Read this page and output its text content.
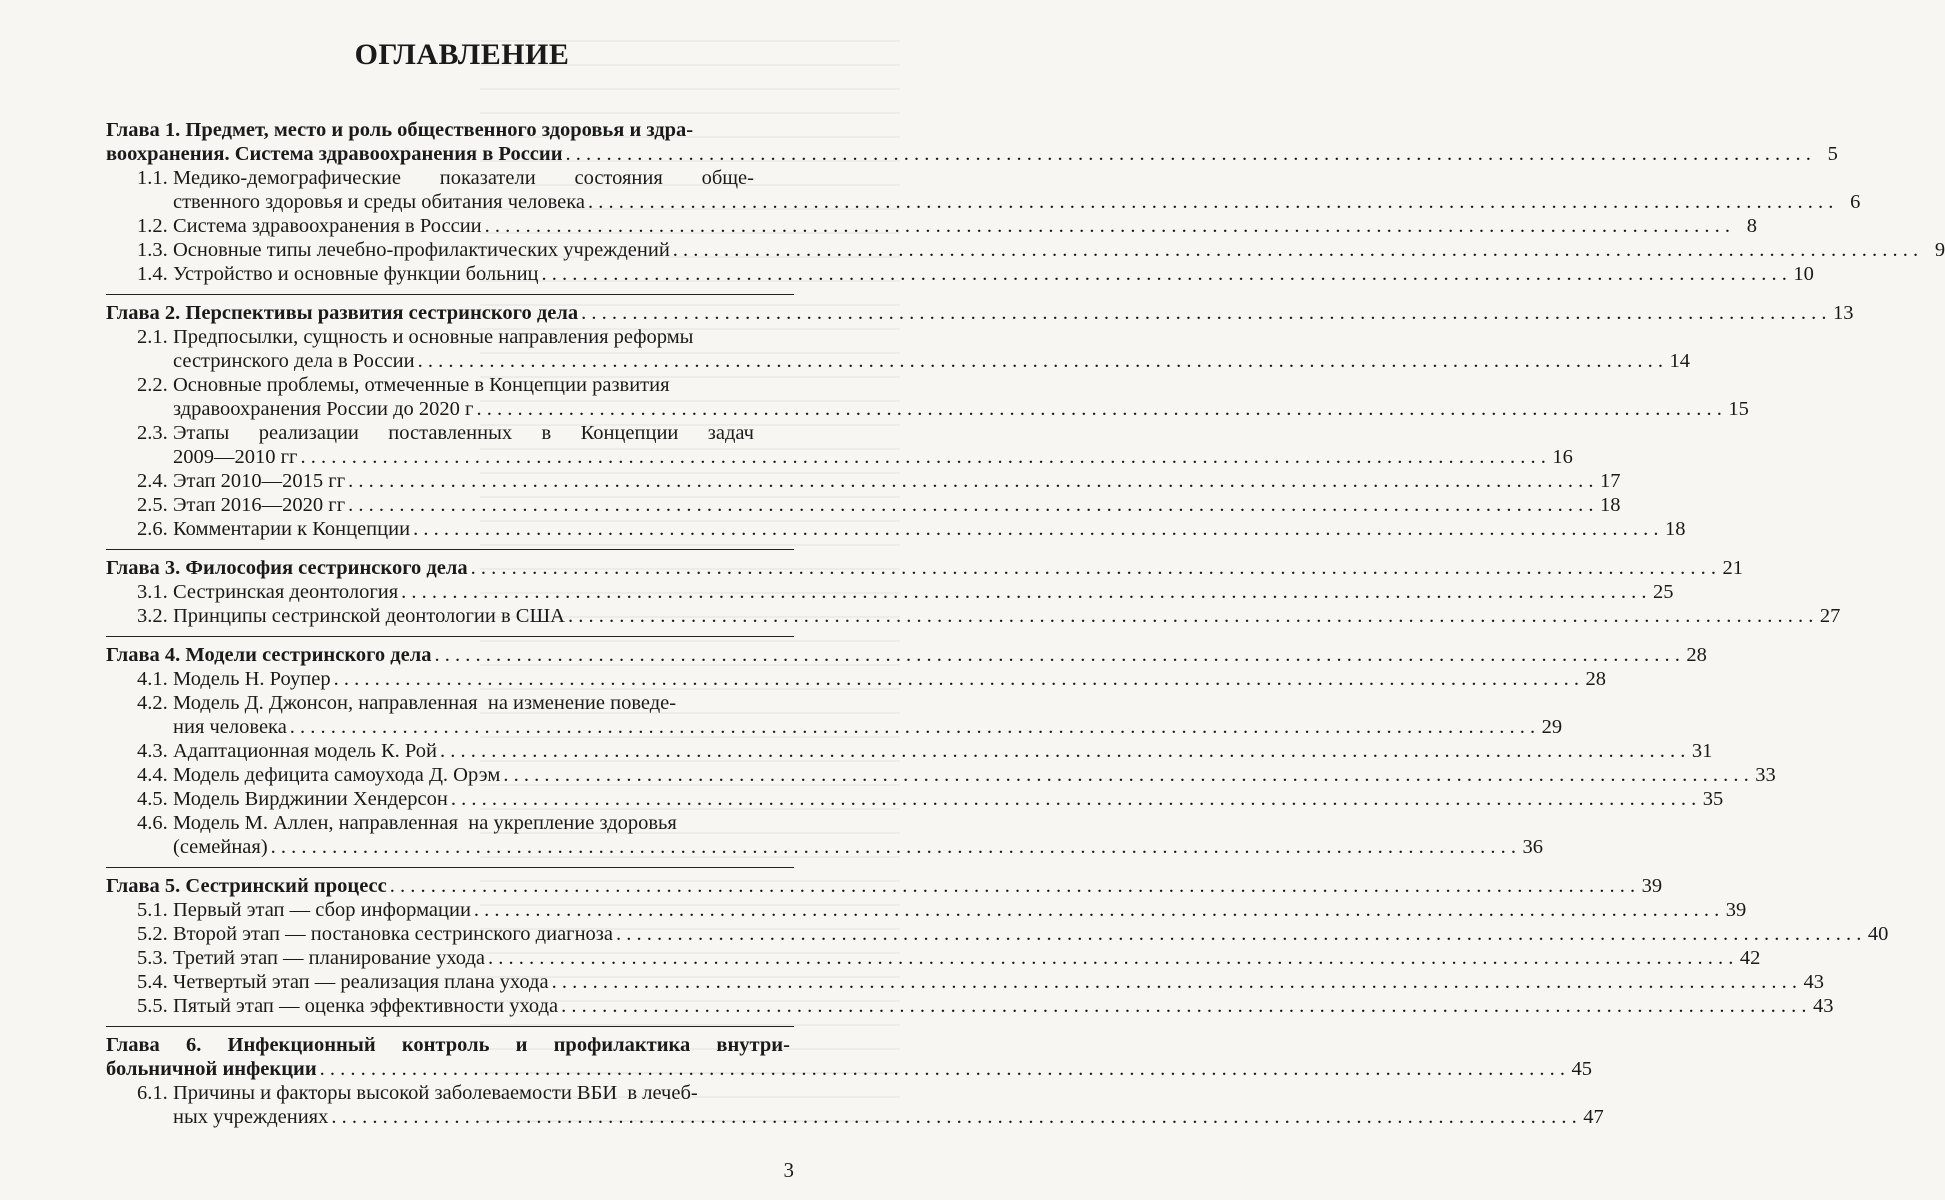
ОГЛАВЛЕНИЕ
Глава 1. Предмет, место и роль общественного здоровья и здра-
воохранения. Система здравоохранения в России . . .	5
1.1. Медико-демографические показатели состояния обще-
ственного здоровья и среды обитания человека . . .	6
1.2. Система здравоохранения в России . . .	8
1.3. Основные типы лечебно-профилактических учреждений . . .	9
1.4. Устройство и основные функции больниц . . .	10
Глава 2. Перспективы развития сестринского дела . . .	13
2.1. Предпосылки, сущность и основные направления реформы
сестринского дела в России . . .	14
2.2. Основные проблемы, отмеченные в Концепции развития
здравоохранения России до 2020 г . . .	15
2.3. Этапы реализации поставленных в Концепции задач
2009—2010 гг . . .	16
2.4. Этап 2010—2015 гг . . .	17
2.5. Этап 2016—2020 гг . . .	18
2.6. Комментарии к Концепции . . .	18
Глава 3. Философия сестринского дела . . .	21
3.1. Сестринская деонтология . . .	25
3.2. Принципы сестринской деонтологии в США . . .	27
Глава 4. Модели сестринского дела . . .	28
4.1. Модель Н. Роупер . . .	28
4.2. Модель Д. Джонсон, направленная  на изменение поведе-
ния человека . . .	29
4.3. Адаптационная модель К. Рой . . .	31
4.4. Модель дефицита самоухода Д. Орэм . . .	33
4.5. Модель Вирджинии Хендерсон . . .	35
4.6. Модель М. Аллен, направленная  на укрепление здоровья
(семейная) . . .	36
Глава 5. Сестринский процесс . . .	39
5.1. Первый этап — сбор информации . . .	39
5.2. Второй этап — постановка сестринского диагноза . . .	40
5.3. Третий этап — планирование ухода . . .	42
5.4. Четвертый этап — реализация плана ухода . . .	43
5.5. Пятый этап — оценка эффективности ухода . . .	43
Глава 6. Инфекционный контроль и профилактика внутри-
больничной инфекции . . .	45
6.1. Причины и факторы высокой заболеваемости ВБИ  в лечеб-
ных учреждениях . . .	47
3
